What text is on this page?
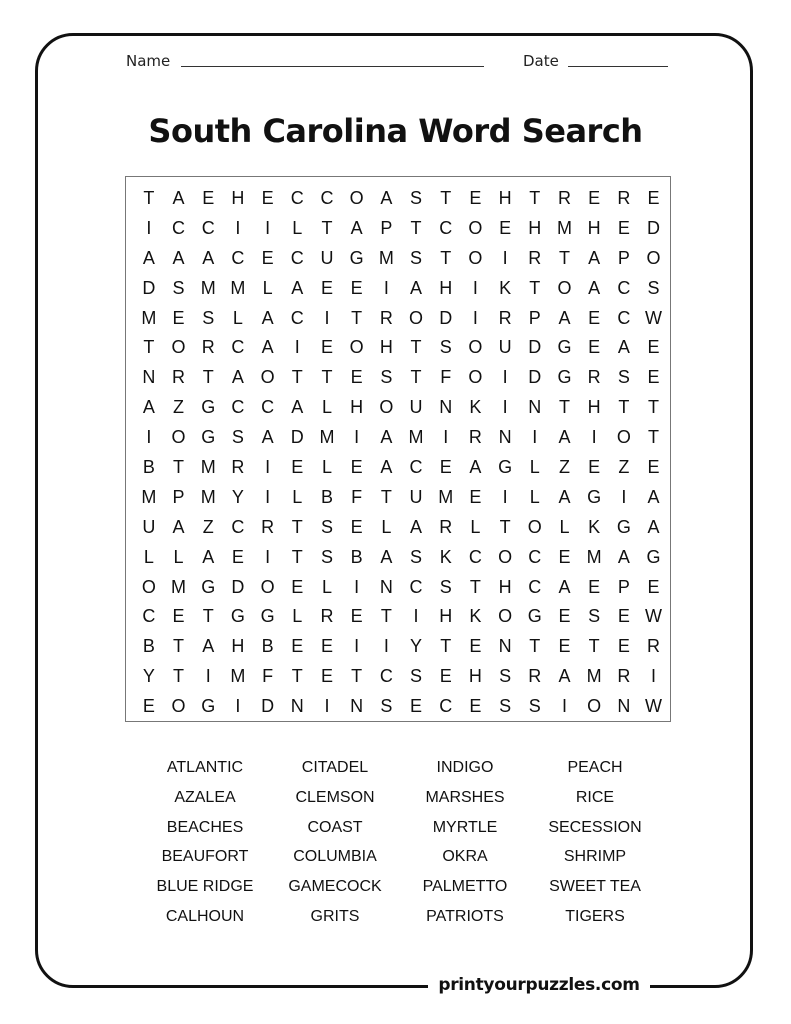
printyourpuzzles.com
Name	Date
South Carolina Word Search
T	A E H E C C O A S	T	E H T R E R E
I	C C	I	I	L	T	A P	T C O E H M H E D
A A A C E C U G M S	T O	I	R T	A P O
D S M M L	A E E	I	A H	I	K	T O A C S
M E S	L	A C	I	T R O D	I	R P A E C W
T O R C A	I	E O H T	S O U D G E A E
N R T	A O T	T	E S	T	F O	I	D G R S E
A	Z G C C A	L	H O U N K	I	N T H T	T
I	O G S A D M	I	A M	I	R N	I	A	I	O T
B	T M R	I	E	L	E A C E A G L	Z	E	Z	E
M P M Y	I	L	B	F	T U M E	I	L	A G	I	A
U A	Z C R T	S E	L	A R	L	T O L	K G A
L	L	A E	I	T	S B A S K C O C E M A G
O M G D O E	L	I	N C S	T H C A E P E
C E	T G G L	R E	T	I	H K O G E S E W
B	T	A H B E E	I	I	Y	T	E N T	E	T	E R
Y	T	I	M F	T	E	T C S E H S R A M R	I
E O G	I	D N	I	N S E C E S S	I	O N W
ATLANTIC	CITADEL	INDIGO	PEACH
AZALEA	CLEMSON	MARSHES	RICE
BEACHES	COAST	MYRTLE	SECESSION
BEAUFORT	COLUMBIA	OKRA	SHRIMP
BLUE RIDGE	GAMECOCK	PALMETTO	SWEET TEA
CALHOUN	GRITS	PATRIOTS	TIGERS
